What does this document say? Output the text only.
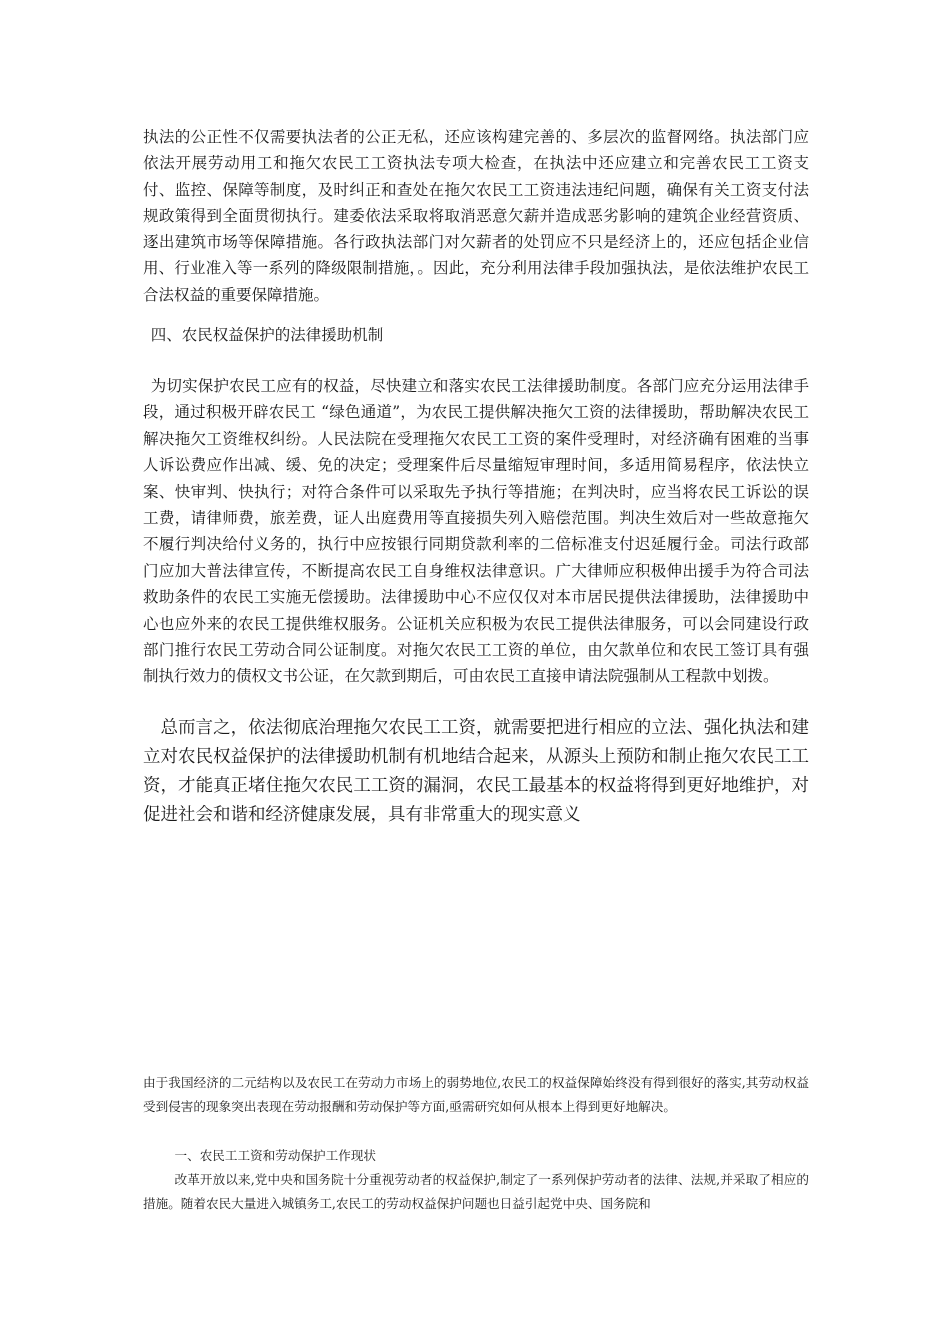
执法的公正性不仅需要执法者的公正无私，还应该构建完善的、多层次的监督网络。执法部门应依法开展劳动用工和拖欠农民工工资执法专项大检查，在执法中还应建立和完善农民工工资支付、监控、保障等制度，及时纠正和查处在拖欠农民工工资违法违纪问题，确保有关工资支付法规政策得到全面贯彻执行。建委依法采取将取消恶意欠薪并造成恶劣影响的建筑企业经营资质、逐出建筑市场等保障措施。各行政执法部门对欠薪者的处罚应不只是经济上的，还应包括企业信用、行业准入等一系列的降级限制措施，。因此，充分利用法律手段加强执法，是依法维护农民工合法权益的重要保障措施。

四、农民权益保护的法律援助机制

为切实保护农民工应有的权益，尽快建立和落实农民工法律援助制度。各部门应充分运用法律手段，通过积极开辟农民工 “绿色通道”，为农民工提供解决拖欠工资的法律援助，帮助解决农民工解决拖欠工资维权纠纷。人民法院在受理拖欠农民工工资的案件受理时，对经济确有困难的当事人诉讼费应作出减、缓、免的决定；受理案件后尽量缩短审理时间，多适用简易程序，依法快立案、快审判、快执行；对符合条件可以采取先予执行等措施；在判决时，应当将农民工诉讼的误工费，请律师费，旅差费，证人出庭费用等直接损失列入赔偿范围。判决生效后对一些故意拖欠不履行判决给付义务的，执行中应按银行同期贷款利率的二倍标准支付迟延履行金。司法行政部门应加大普法律宣传，不断提高农民工自身维权法律意识。广大律师应积极伸出援手为符合司法救助条件的农民工实施无偿援助。法律援助中心不应仅仅对本市居民提供法律援助，法律援助中心也应外来的农民工提供维权服务。公证机关应积极为农民工提供法律服务，可以会同建设行政部门推行农民工劳动合同公证制度。对拖欠农民工工资的单位，由欠款单位和农民工签订具有强制执行效力的债权文书公证，在欠款到期后，可由农民工直接申请法院强制从工程款中划拨。

总而言之，依法彻底治理拖欠农民工工资，就需要把进行相应的立法、强化执法和建立对农民权益保护的法律援助机制有机地结合起来，从源头上预防和制止拖欠农民工工资，才能真正堵住拖欠农民工工资的漏洞，农民工最基本的权益将得到更好地维护，对促进社会和谐和经济健康发展，具有非常重大的现实意义

由于我国经济的二元结构以及农民工在劳动力市场上的弱势地位,农民工的权益保障始终没有得到很好的落实,其劳动权益受到侵害的现象突出表现在劳动报酬和劳动保护等方面,亟需研究如何从根本上得到更好地解决。

一、农民工工资和劳动保护工作现状

改革开放以来,党中央和国务院十分重视劳动者的权益保护,制定了一系列保护劳动者的法律、法规,并采取了相应的措施。随着农民大量进入城镇务工,农民工的劳动权益保护问题也日益引起党中央、国务院和
